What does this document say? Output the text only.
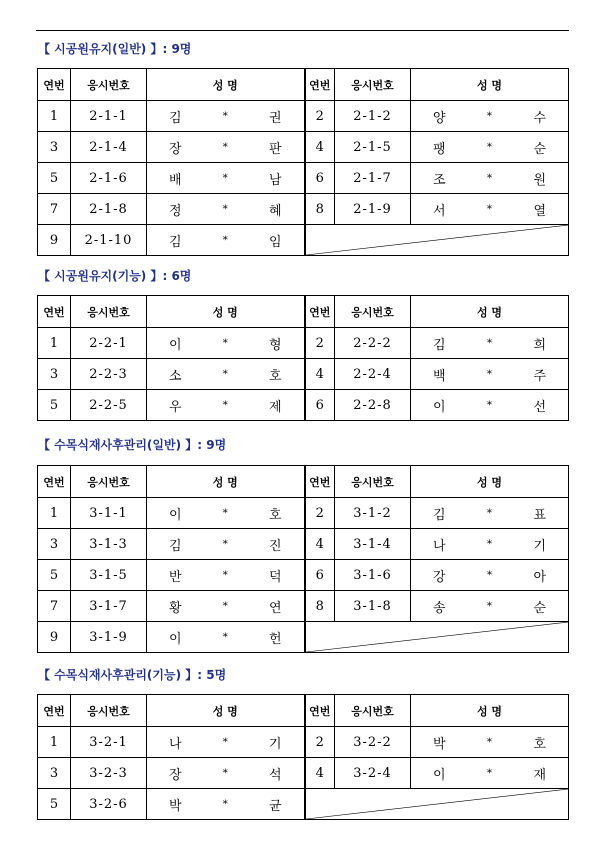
【 시공원유지(일반) 】: 9명
연번	응시번호	성 명	연번	응시번호	성 명
1	2-1-1	김 * 권	2	2-1-2	양 * 수

3	2-1-4	장 * 판	4	2-1-5	팽 * 순

5	2-1-6	배 * 남	6	2-1-7	조 * 원

7	2-1-8	정 * 혜	8	2-1-9	서 * 열

9	2-1-10	김 * 임

【 시공원유지(기능) 】: 6명
연번	응시번호	성 명	연번	응시번호	성 명
1	2-2-1	이 * 형	2	2-2-2	김 * 희

3	2-2-3	소 * 호	4	2-2-4	백 * 주

5	2-2-5	우 * 제	6	2-2-8	이 * 선
【 수목식재사후관리(일반) 】: 9명
연번	응시번호	성 명	연번	응시번호	성 명
1	3-1-1	이 * 호	2	3-1-2	김 * 표

3	3-1-3	김 * 진	4	3-1-4	나 * 기

5	3-1-5	반 * 덕	6	3-1-6	강 * 아

7	3-1-7	황 * 연	8	3-1-8	송 * 순

9	3-1-9	이 * 헌

【 수목식재사후관리(기능) 】: 5명
연번	응시번호	성 명	연번	응시번호	성 명
1	3-2-1	나 * 기	2	3-2-2	박 * 호

3	3-2-3	장 * 석	4	3-2-4	이 * 재

5	3-2-6	박 * 균
